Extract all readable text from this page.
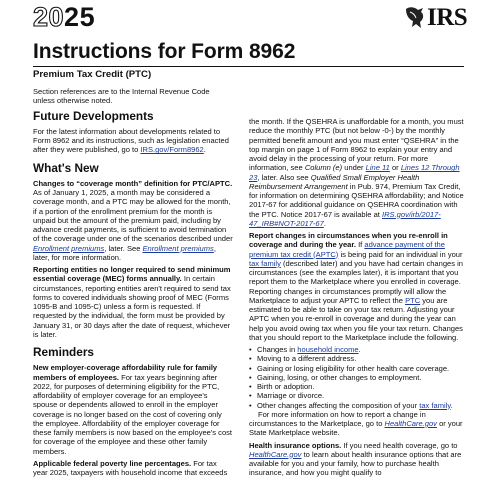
2025	IRS
Instructions for Form 8962
Premium Tax Credit (PTC)

Section references are to the Internal Revenue Code unless otherwise noted.

Future Developments

For the latest information about developments related to Form 8962 and its instructions, such as legislation enacted after they were published, go to IRS.gov/Form8962.

What's New

Changes to “coverage month” definition for PTC/APTC. As of January 1, 2025, a month may be considered a coverage month, and a PTC may be allowed for the month, if a portion of the enrollment premium for the month is unpaid but the amount of the premium paid, including by advance credit payments, is sufficient to avoid termination of the coverage under one of the scenarios described under Enrollment premiums, later. See Enrollment premiums, later, for more information.

Reporting entities no longer required to send minimum essential coverage (MEC) forms annually. In certain circumstances, reporting entities aren't required to send tax forms to covered individuals showing proof of MEC (Forms 1095-B and 1095-C) unless a form is requested. If requested by the individual, the form must be provided by January 31, or 30 days after the date of request, whichever is later.

Reminders

New employer-coverage affordability rule for family members of employees. For tax years beginning after 2022, for purposes of determining eligibility for the PTC, affordability of employer coverage for an employee's spouse or dependents allowed to enroll in the employer coverage is no longer based on the cost of covering only the employee. Affordability of the employer coverage for these family members is now based on the employee's cost for coverage of the employee and these other family members.

Applicable federal poverty line percentages. For tax year 2025, taxpayers with household income that exceeds

the month. If the QSEHRA is unaffordable for a month, you must reduce the monthly PTC (but not below -0-) by the monthly permitted benefit amount and you must enter “QSEHRA” in the top margin on page 1 of Form 8962 to explain your entry and avoid delay in the processing of your return. For more information, see Column (e) under Line 11 or Lines 12 Through 23, later. Also see Qualified Small Employer Health Reimbursement Arrangement in Pub. 974, Premium Tax Credit, for information on determining QSEHRA affordability; and Notice 2017-67 for additional guidance on QSEHRA coordination with the PTC. Notice 2017-67 is available at IRS.gov/irb/2017-47_IRB#NOT-2017-67.

Report changes in circumstances when you re-enroll in coverage and during the year. If advance payment of the premium tax credit (APTC) is being paid for an individual in your tax family (described later) and you have had certain changes in circumstances (see the examples later), it is important that you report them to the Marketplace where you enrolled in coverage. Reporting changes in circumstances promptly will allow the Marketplace to adjust your APTC to reflect the PTC you are estimated to be able to take on your tax return. Adjusting your APTC when you re-enroll in coverage and during the year can help you avoid owing tax when you file your tax return. Changes that you should report to the Marketplace include the following.

• Changes in household income.
• Moving to a different address.
• Gaining or losing eligibility for other health care coverage.
• Gaining, losing, or other changes to employment.
• Birth or adoption.
• Marriage or divorce.
• Other changes affecting the composition of your tax family.

For more information on how to report a change in circumstances to the Marketplace, go to HealthCare.gov or your State Marketplace website.

Health insurance options. If you need health coverage, go to HealthCare.gov to learn about health insurance options that are available for you and your family, how to purchase health insurance, and how you might qualify to
